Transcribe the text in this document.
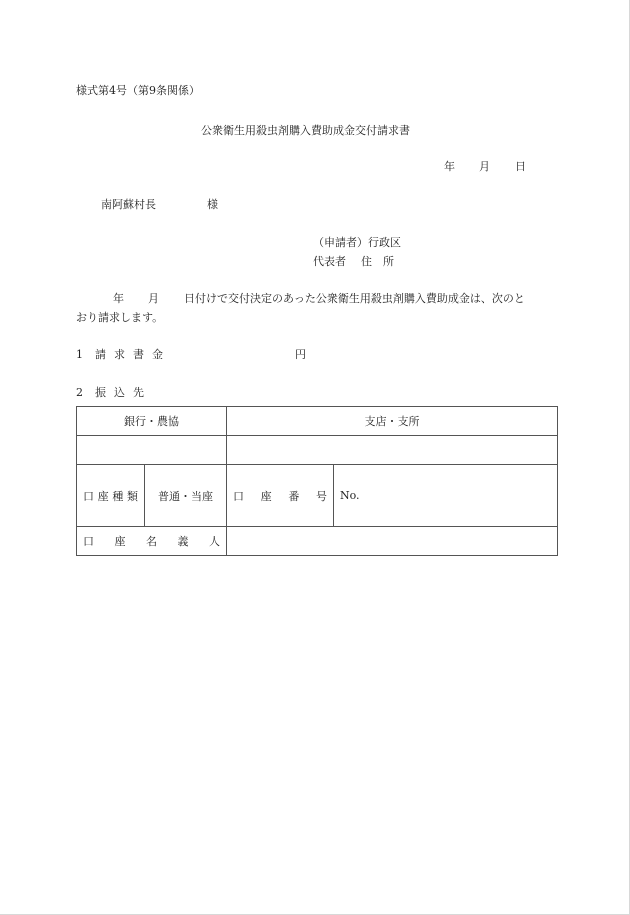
様式第4号（第9条関係）
公衆衛生用殺虫剤購入費助成金交付請求書
年 月 日
南阿蘇村長	様
（申請者）行政区
代表者 住　所
年 月 日付けで交付決定のあった公衆衛生用殺虫剤購入費助成金は、次のと
おり請求します。
1 請求書金	円
2 振込先
銀行・農協		支店・支所	

口 座 種 類	普通・当座	口 座 番 号	No.

口 座 名 義 人			
